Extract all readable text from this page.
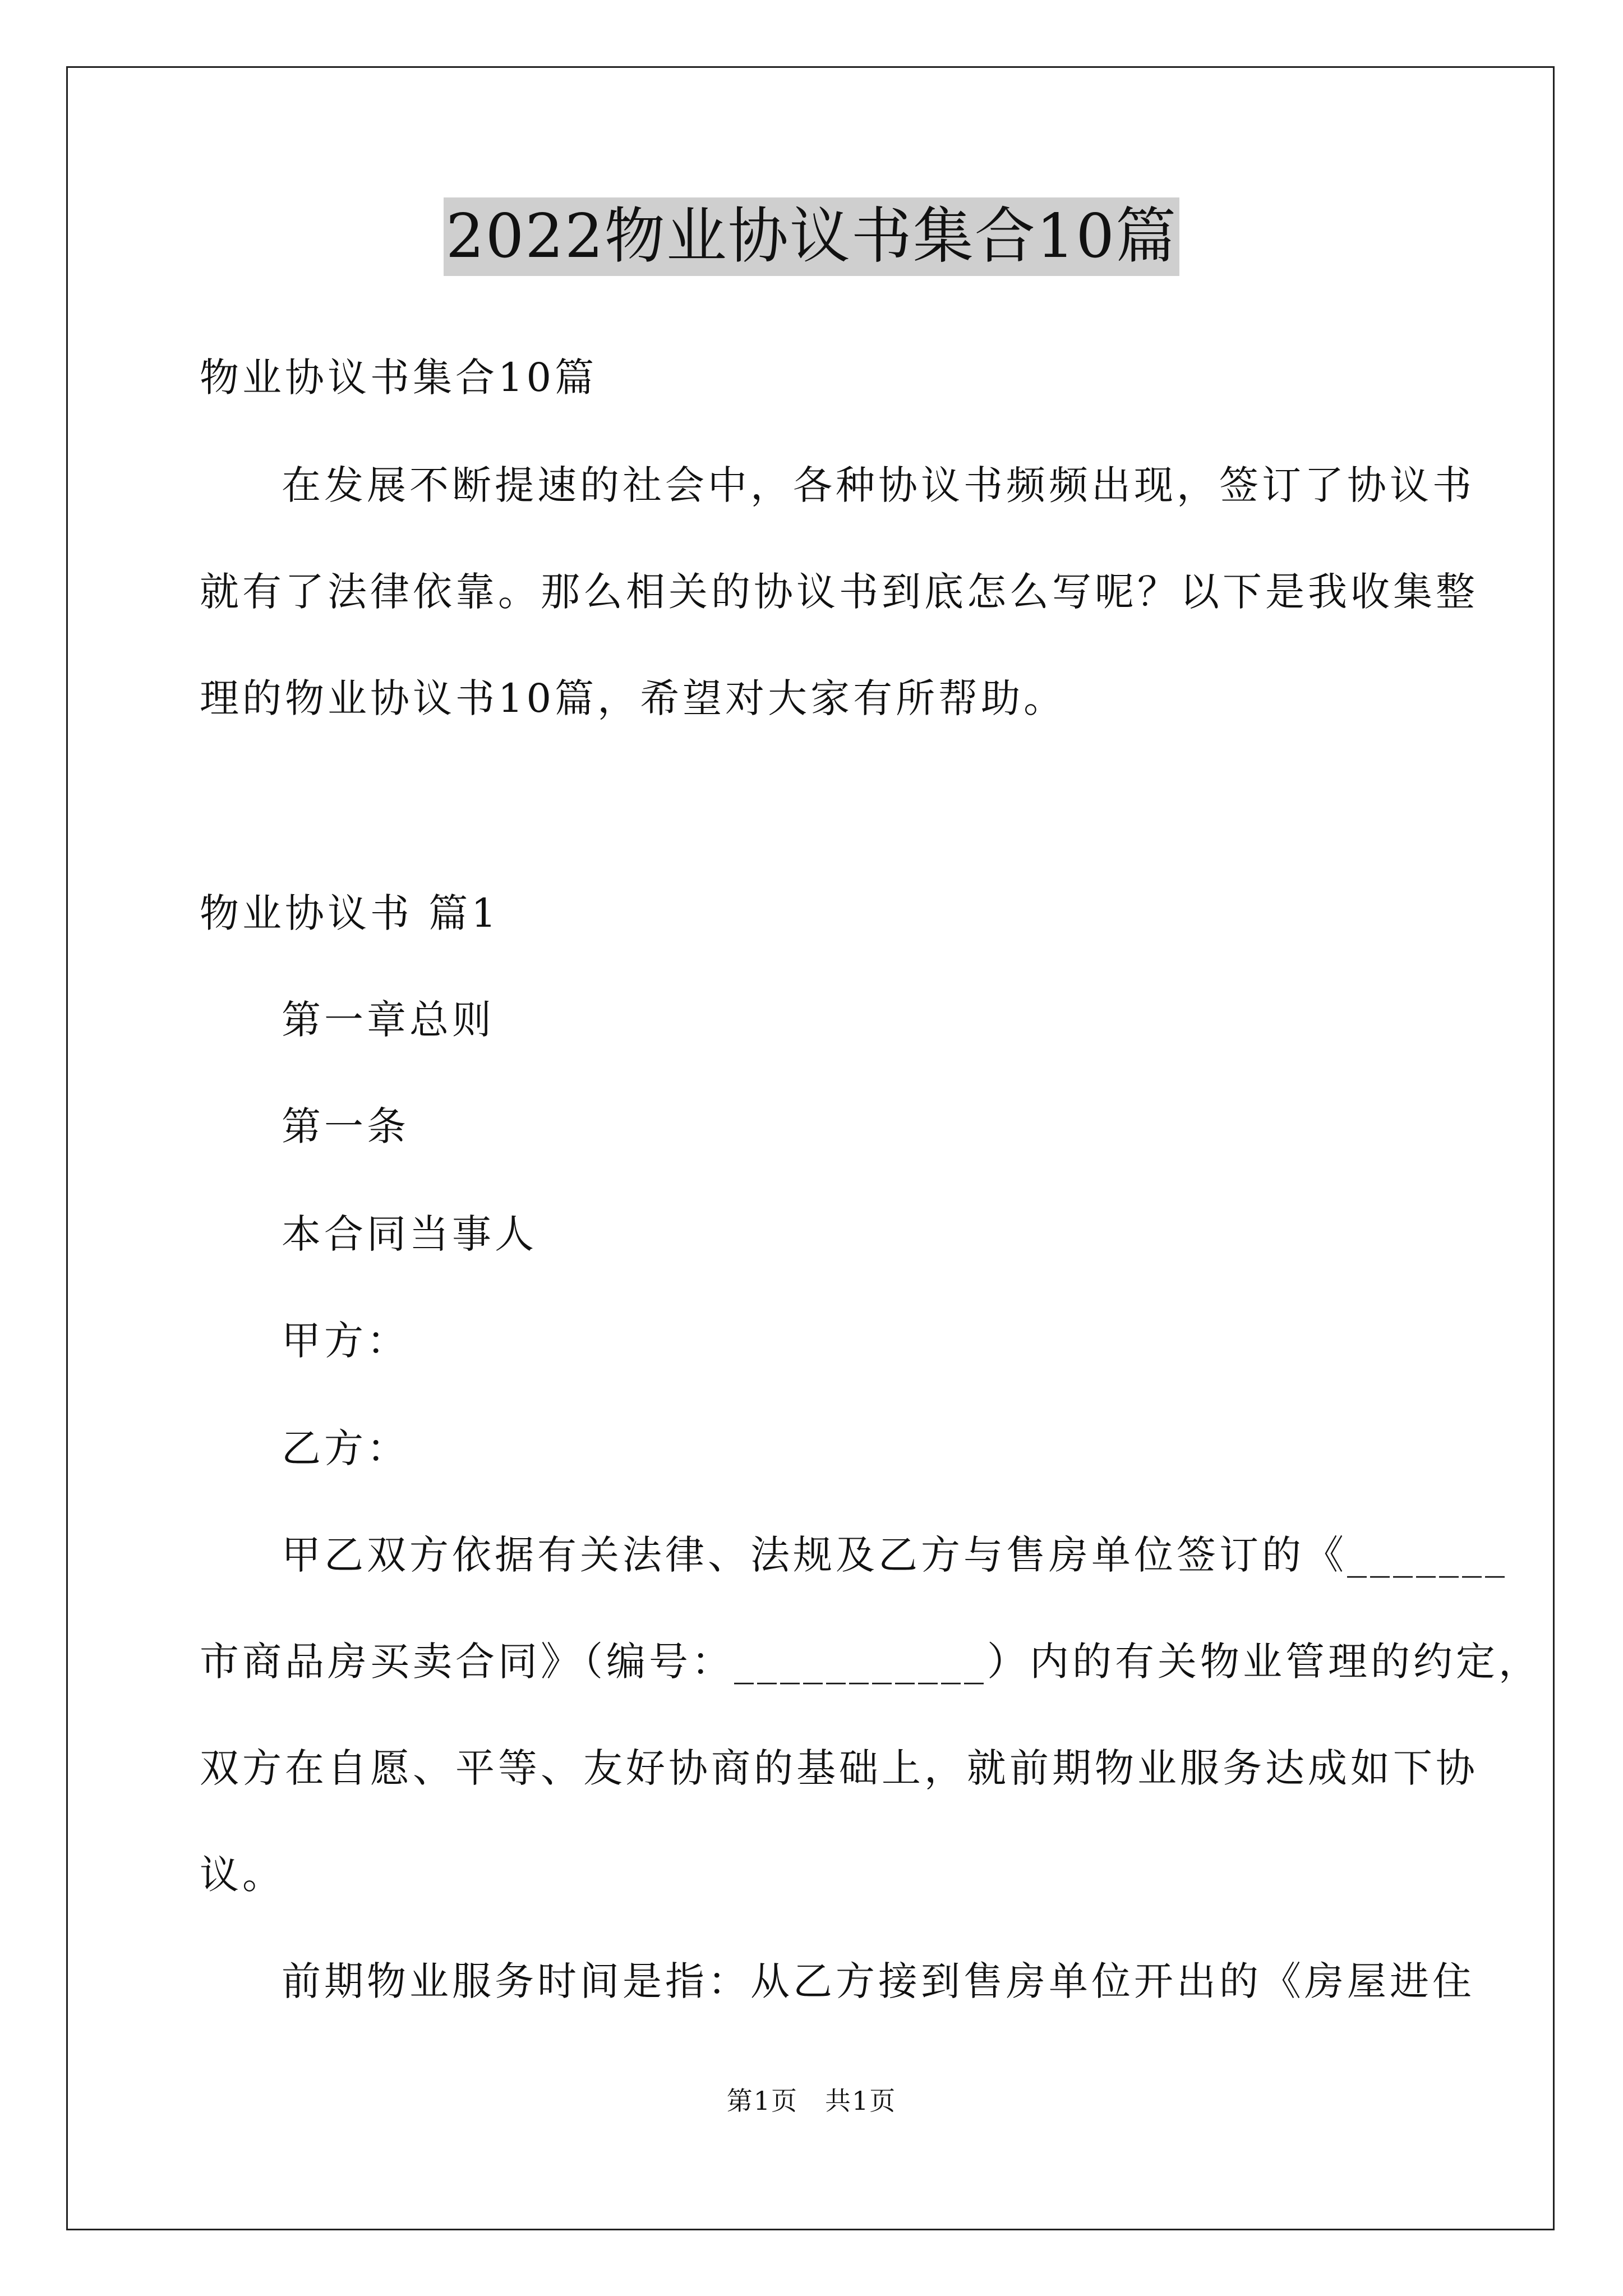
2022物业协议书集合10篇
物业协议书集合10篇
在发展不断提速的社会中，各种协议书频频出现，签订了协议书
就有了法律依靠。那么相关的协议书到底怎么写呢？以下是我收集整
理的物业协议书10篇，希望对大家有所帮助。
物业协议书 篇1
第一章总则
第一条
本合同当事人
甲方：
乙方：
甲乙双方依据有关法律、法规及乙方与售房单位签订的《_______
市商品房买卖合同》（编号：___________）内的有关物业管理的约定，
双方在自愿、平等、友好协商的基础上，就前期物业服务达成如下协
议。
前期物业服务时间是指：从乙方接到售房单位开出的《房屋进住
第1页　共1页
